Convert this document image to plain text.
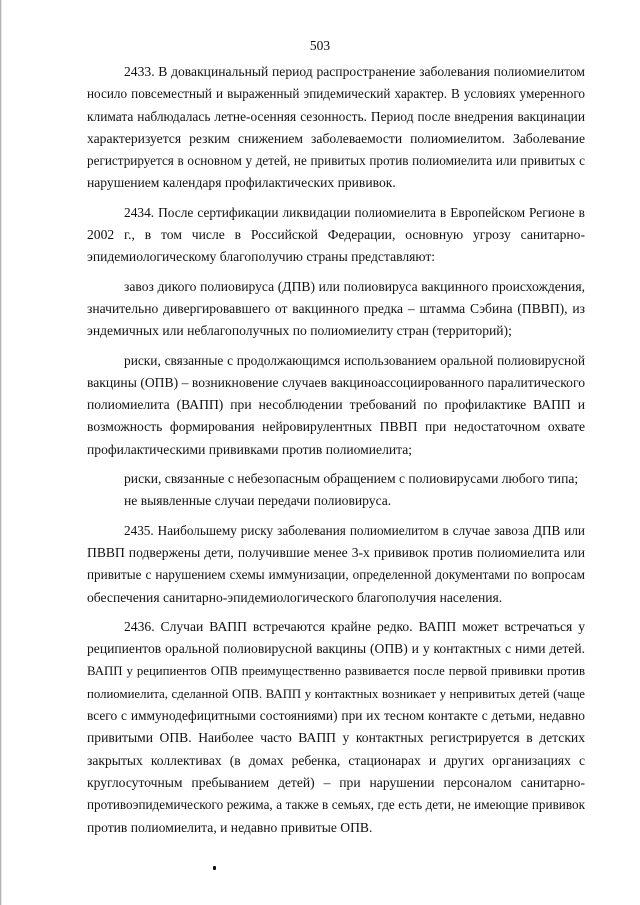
503
2433. В довакцинальный период распространение заболевания полиомиелитом
носило повсеместный и выраженный эпидемический характер. В условиях умеренного
климата наблюдалась летне-осенняя сезонность. Период после внедрения вакцинации
характеризуется резким снижением заболеваемости полиомиелитом. Заболевание
регистрируется в основном у детей, не привитых против полиомиелита или привитых с
нарушением календаря профилактических прививок.
2434. После сертификации ликвидации полиомиелита в Европейском Регионе в
2002 г., в том числе в Российской Федерации, основную угрозу санитарно-
эпидемиологическому благополучию страны представляют:
завоз дикого полиовируса (ДПВ) или полиовируса вакцинного происхождения,
значительно дивергировавшего от вакцинного предка – штамма Сэбина (ПВВП), из
эндемичных или неблагополучных по полиомиелиту стран (территорий);
риски, связанные с продолжающимся использованием оральной полиовирусной
вакцины (ОПВ) – возникновение случаев вакциноассоциированного паралитического
полиомиелита (ВАПП) при несоблюдении требований по профилактике ВАПП и
возможность формирования нейровирулентных ПВВП при недостаточном охвате
профилактическими прививками против полиомиелита;
риски, связанные с небезопасным обращением с полиовирусами любого типа;
не выявленные случаи передачи полиовируса.
2435. Наибольшему риску заболевания полиомиелитом в случае завоза ДПВ или
ПВВП подвержены дети, получившие менее 3-х прививок против полиомиелита или
привитые с нарушением схемы иммунизации, определенной документами по вопросам
обеспечения санитарно-эпидемиологического благополучия населения.
2436. Случаи ВАПП встречаются крайне редко. ВАПП может встречаться у
реципиентов оральной полиовирусной вакцины (ОПВ) и у контактных с ними детей.
ВАПП у реципиентов ОПВ преимущественно развивается после первой прививки против
полиомиелита, сделанной ОПВ. ВАПП у контактных возникает у непривитых детей (чаще
всего с иммунодефицитными состояниями) при их тесном контакте с детьми, недавно
привитыми ОПВ. Наиболее часто ВАПП у контактных регистрируется в детских
закрытых коллективах (в домах ребенка, стационарах и других организациях с
круглосуточным пребыванием детей) – при нарушении персоналом санитарно-
противоэпидемического режима, а также в семьях, где есть дети, не имеющие прививок
против полиомиелита, и недавно привитые ОПВ.
